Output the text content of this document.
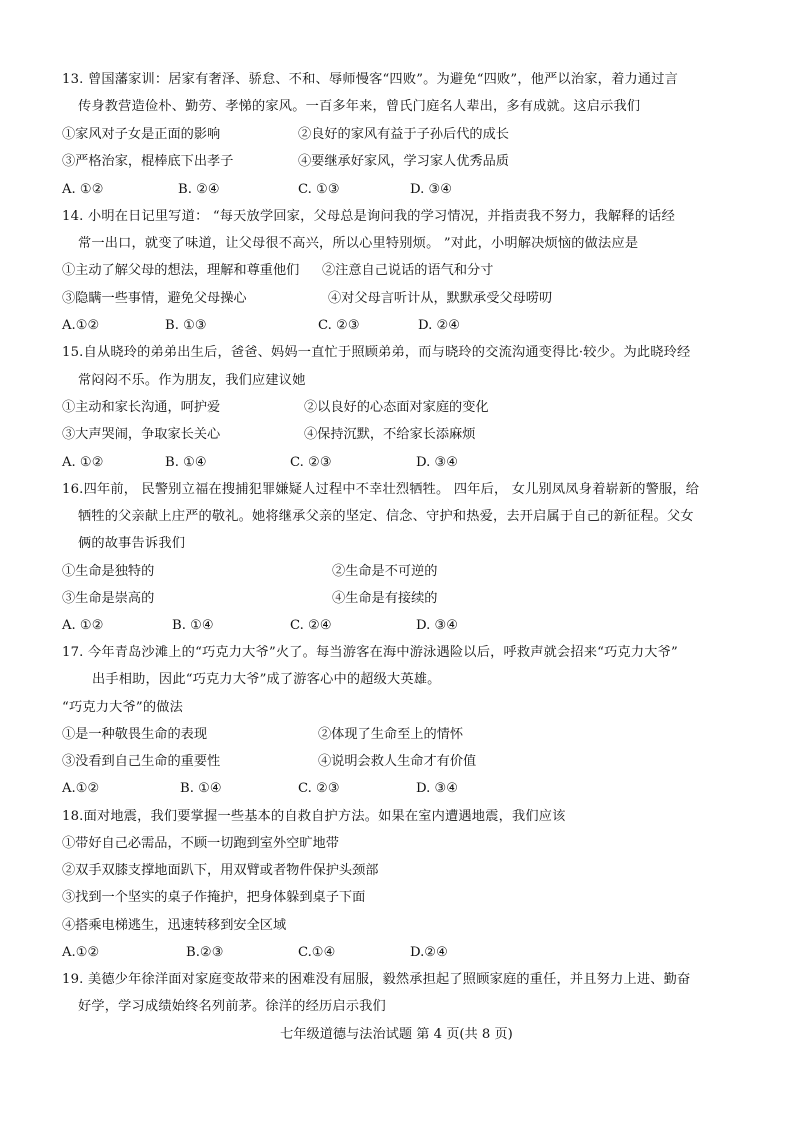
13. 曾国藩家训：居家有奢泽、骄怠、不和、辱师慢客“四败”。为避免“四败”，他严以治家，着力通过言
传身教营造俭朴、勤劳、孝悌的家风。一百多年来，曾氏门庭名人辈出，多有成就。这启示我们
①家风对子女是正面的影响	②良好的家风有益于子孙后代的成长
③严格治家，棍棒底下出孝子	④要继承好家风，学习家人优秀品质
A. ①②	B. ②④	C. ①③	D. ③④
14. 小明在日记里写道： “每天放学回家，父母总是询问我的学习情况，并指责我不努力，我解释的话经
常一出口，就变了味道，让父母很不高兴，所以心里特别烦。 ”对此，小明解决烦恼的做法应是
①主动了解父母的想法，理解和尊重他们 ②注意自己说话的语气和分寸
③隐瞒一些事情，避免父母操心	④对父母言听计从，默默承受父母唠叨
A.①②	B. ①③	C. ②③	D. ②④
15.自从晓玲的弟弟出生后，爸爸、妈妈一直忙于照顾弟弟，而与晓玲的交流沟通变得比·较少。为此晓玲经
常闷闷不乐。作为朋友，我们应建议她
①主动和家长沟通，呵护爱	②以良好的心态面对家庭的变化
③大声哭闹，争取家长关心	④保持沉默，不给家长添麻烦
A. ①②	B. ①④	C. ②③	D. ③④
16.四年前， 民警别立福在搜捕犯罪嫌疑人过程中不幸壮烈牺牲。 四年后， 女儿别凤凤身着崭新的警服，给
牺牲的父亲献上庄严的敬礼。她将继承父亲的坚定、信念、守护和热爱，去开启属于自己的新征程。父女
俩的故事告诉我们
①生命是独特的	②生命是不可逆的
③生命是崇高的	④生命是有接续的
A. ①②	B. ①④	C. ②④	D. ③④
17. 今年青岛沙滩上的“巧克力大爷”火了。每当游客在海中游泳遇险以后，呼救声就会招来“巧克力大爷”
出手相助，因此“巧克力大爷”成了游客心中的超级大英雄。
“巧克力大爷”的做法
①是一种敬畏生命的表现	②体现了生命至上的情怀
③没看到自己生命的重要性	④说明会救人生命才有价值
A.①②	B. ①④	C. ②③	D. ③④
18.面对地震，我们要掌握一些基本的自救自护方法。如果在室内遭遇地震，我们应该
①带好自己必需品，不顾一切跑到室外空旷地带
②双手双膝支撑地面趴下，用双臂或者物件保护头颈部
③找到一个坚实的桌子作掩护，把身体躲到桌子下面
④搭乘电梯逃生，迅速转移到安全区域
A.①②	B.②③	C.①④	D.②④
19. 美德少年徐洋面对家庭变故带来的困难没有屈服，毅然承担起了照顾家庭的重任，并且努力上进、勤奋
好学，学习成绩始终名列前茅。徐洋的经历启示我们
七年级道德与法治试题 第 4 页(共 8 页)
